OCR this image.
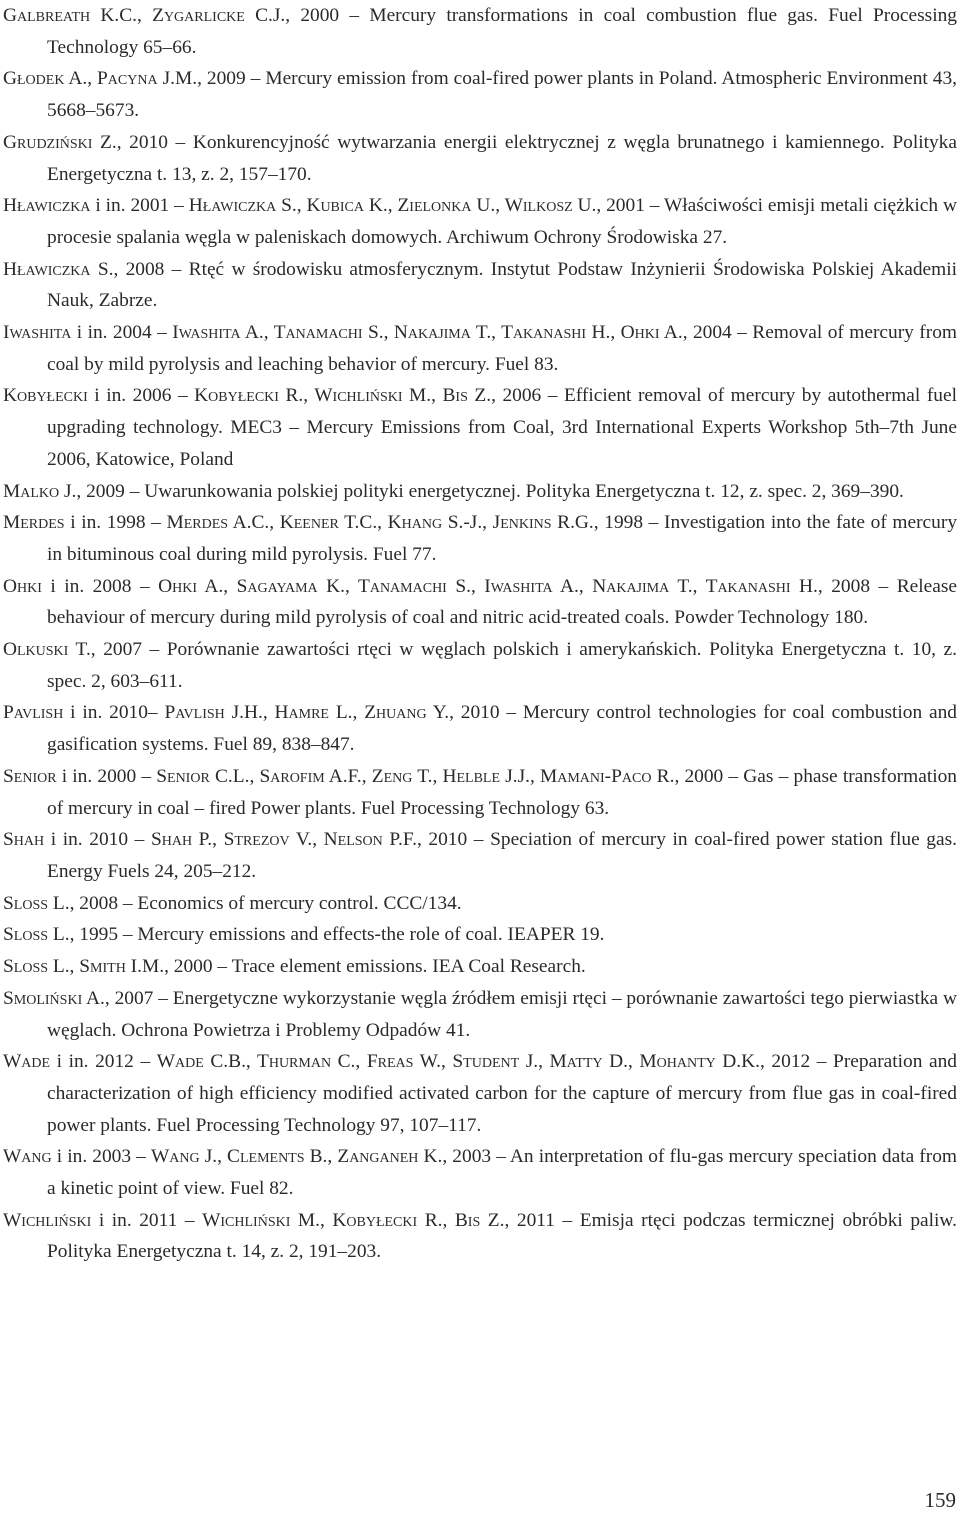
Galbreath K.C., Zygarlicke C.J., 2000 – Mercury transformations in coal combustion flue gas. Fuel Processing Technology 65–66.
Głodek A., Pacyna J.M., 2009 – Mercury emission from coal-fired power plants in Poland. Atmospheric Environment 43, 5668–5673.
Grudziński Z., 2010 – Konkurencyjność wytwarzania energii elektrycznej z węgla brunatnego i kamiennego. Polityka Energetyczna t. 13, z. 2, 157–170.
Hławiczka i in. 2001 – Hławiczka S., Kubica K., Zielonka U., Wilkosz U., 2001 – Właściwości emisji metali ciężkich w procesie spalania węgla w paleniskach domowych. Archiwum Ochrony Środowiska 27.
Hławiczka S., 2008 – Rtęć w środowisku atmosferycznym. Instytut Podstaw Inżynierii Środowiska Polskiej Akademii Nauk, Zabrze.
Iwashita i in. 2004 – Iwashita A., Tanamachi S., Nakajima T., Takanashi H., Ohki A., 2004 – Removal of mercury from coal by mild pyrolysis and leaching behavior of mercury. Fuel 83.
Kobyłecki i in. 2006 – Kobyłecki R., Wichliński M., Bis Z., 2006 – Efficient removal of mercury by autothermal fuel upgrading technology. MEC3 – Mercury Emissions from Coal, 3rd International Experts Workshop 5th–7th June 2006, Katowice, Poland
Malko J., 2009 – Uwarunkowania polskiej polityki energetycznej. Polityka Energetyczna t. 12, z. spec. 2, 369–390.
Merdes i in. 1998 – Merdes A.C., Keener T.C., Khang S.-J., Jenkins R.G., 1998 – Investigation into the fate of mercury in bituminous coal during mild pyrolysis. Fuel 77.
Ohki i in. 2008 – Ohki A., Sagayama K., Tanamachi S., Iwashita A., Nakajima T., Takanashi H., 2008 – Release behaviour of mercury during mild pyrolysis of coal and nitric acid-treated coals. Powder Technology 180.
Olkuski T., 2007 – Porównanie zawartości rtęci w węglach polskich i amerykańskich. Polityka Energetyczna t. 10, z. spec. 2, 603–611.
Pavlish i in. 2010– Pavlish J.H., Hamre L., Zhuang Y., 2010 – Mercury control technologies for coal combustion and gasification systems. Fuel 89, 838–847.
Senior i in. 2000 – Senior C.L., Sarofim A.F., Zeng T., Helble J.J., Mamani-Paco R., 2000 – Gas – phase transformation of mercury in coal – fired Power plants. Fuel Processing Technology 63.
Shah i in. 2010 – Shah P., Strezov V., Nelson P.F., 2010 – Speciation of mercury in coal-fired power station flue gas. Energy Fuels 24, 205–212.
Sloss L., 2008 – Economics of mercury control. CCC/134.
Sloss L., 1995 – Mercury emissions and effects-the role of coal. IEAPER 19.
Sloss L., Smith I.M., 2000 – Trace element emissions. IEA Coal Research.
Smoliński A., 2007 – Energetyczne wykorzystanie węgla źródłem emisji rtęci – porównanie zawartości tego pierwiastka w węglach. Ochrona Powietrza i Problemy Odpadów 41.
Wade i in. 2012 – Wade C.B., Thurman C., Freas W., Student J., Matty D., Mohanty D.K., 2012 – Preparation and characterization of high efficiency modified activated carbon for the capture of mercury from flue gas in coal-fired power plants. Fuel Processing Technology 97, 107–117.
Wang i in. 2003 – Wang J., Clements B., Zanganeh K., 2003 – An interpretation of flu-gas mercury speciation data from a kinetic point of view. Fuel 82.
Wichliński i in. 2011 – Wichliński M., Kobyłecki R., Bis Z., 2011 – Emisja rtęci podczas termicznej obróbki paliw. Polityka Energetyczna t. 14, z. 2, 191–203.
159
